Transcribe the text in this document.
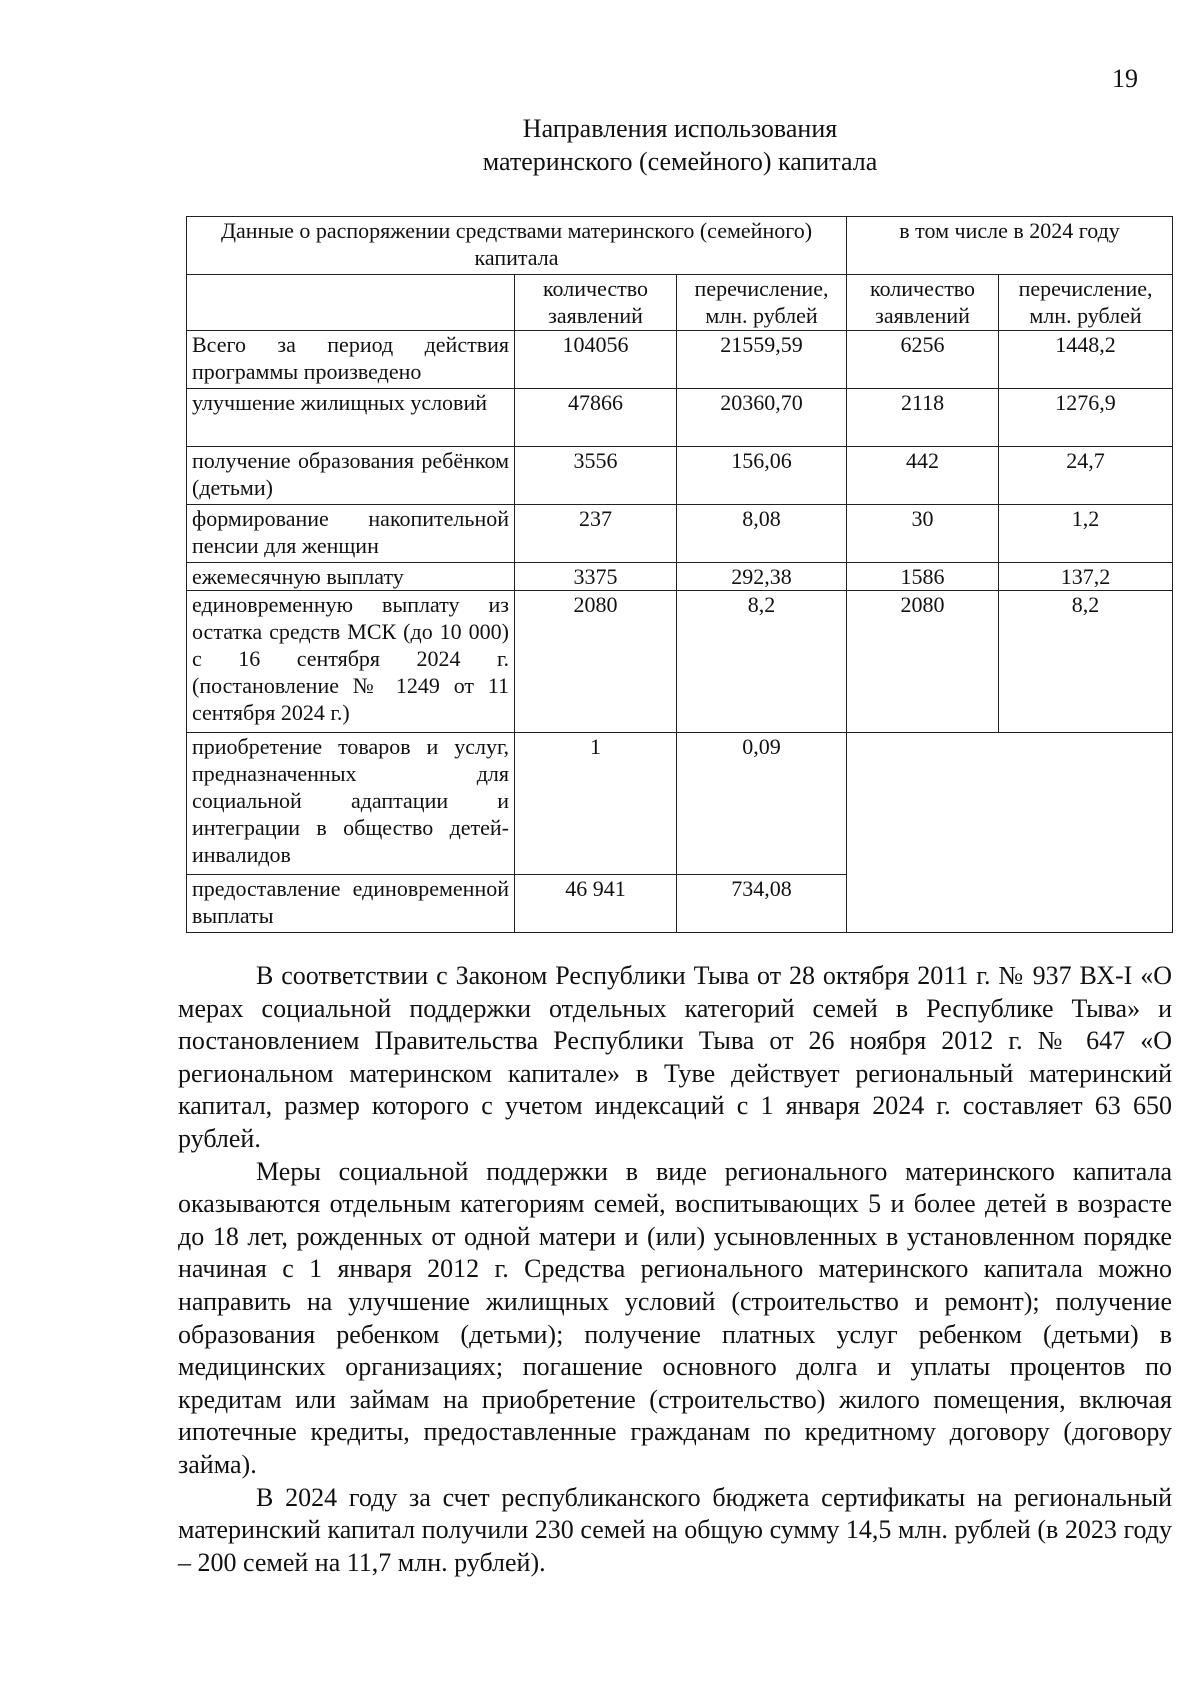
19
Направления использования
материнского (семейного) капитала
Данные о распоряжении средствами материнского (семейного) капитала			в том числе в 2024 году	
	количество заявлений	перечисление, млн. рублей	количество заявлений	перечисление, млн. рублей
Всего за период действия программы произведено	104056	21559,59	6256	1448,2
улучшение жилищных условий	47866	20360,70	2118	1276,9
получение образования ребёнком (детьми)	3556	156,06	442	24,7
формирование накопительной пенсии для женщин	237	8,08	30	1,2
ежемесячную выплату	3375	292,38	1586	137,2
единовременную выплату из остатка средств МСК (до 10 000) с 16 сентября 2024 г. (постановление № 1249 от 11 сентября 2024 г.)	2080	8,2	2080	8,2
приобретение товаров и услуг, предназначенных для социальной адаптации и интеграции в общество детей-инвалидов	1	0,09		
предоставление единовременной выплаты	46 941	734,08		

В соответствии с Законом Республики Тыва от 28 октября 2011 г. № 937 ВХ-I «О мерах социальной поддержки отдельных категорий семей в Республике Тыва» и постановлением Правительства Республики Тыва от 26 ноября 2012 г. № 647 «О региональном материнском капитале» в Туве действует региональный материнский капитал, размер которого с учетом индексаций с 1 января 2024 г. составляет 63 650 рублей.

Меры социальной поддержки в виде регионального материнского капитала оказываются отдельным категориям семей, воспитывающих 5 и более детей в возрасте до 18 лет, рожденных от одной матери и (или) усыновленных в установленном порядке начиная с 1 января 2012 г. Средства регионального материнского капитала можно направить на улучшение жилищных условий (строительство и ремонт); получение образования ребенком (детьми); получение платных услуг ребенком (детьми) в медицинских организациях; погашение основного долга и уплаты процентов по кредитам или займам на приобретение (строительство) жилого помещения, включая ипотечные кредиты, предоставленные гражданам по кредитному договору (договору займа).

В 2024 году за счет республиканского бюджета сертификаты на региональный материнский капитал получили 230 семей на общую сумму 14,5 млн. рублей (в 2023 году – 200 семей на 11,7 млн. рублей).
